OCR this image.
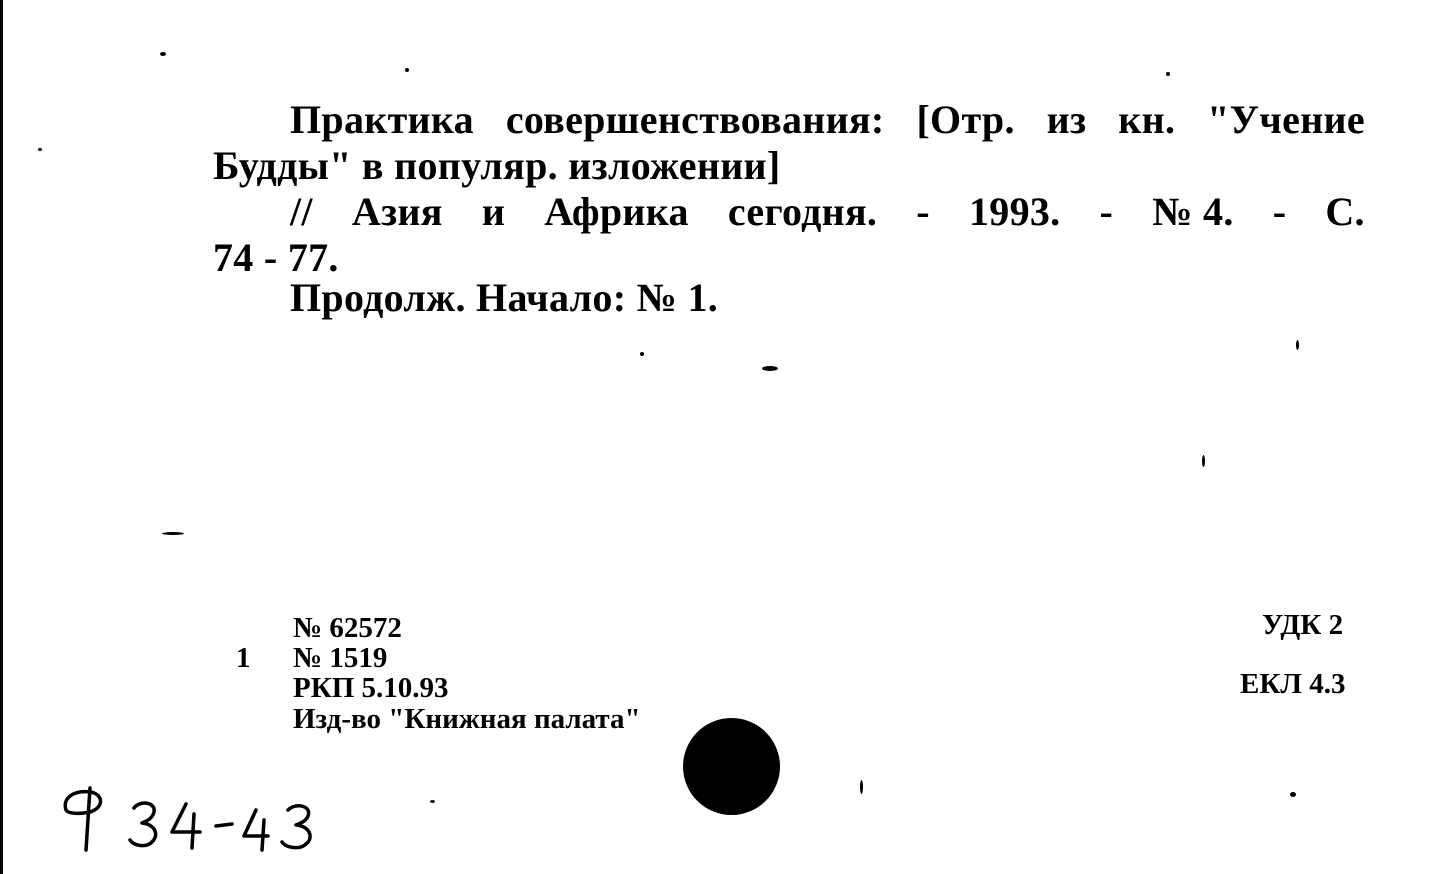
Практика совершенствования: [Отр. из кн. "Учение
Будды" в популяр. изложении]
// Азия и Африка сегодня. - 1993. - № 4. - С.
74 - 77.
Продолж. Начало: № 1.
1
№ 62572
№ 1519
РКП 5.10.93
Изд-во "Книжная палата"
УДК 2
ЕКЛ 4.3
